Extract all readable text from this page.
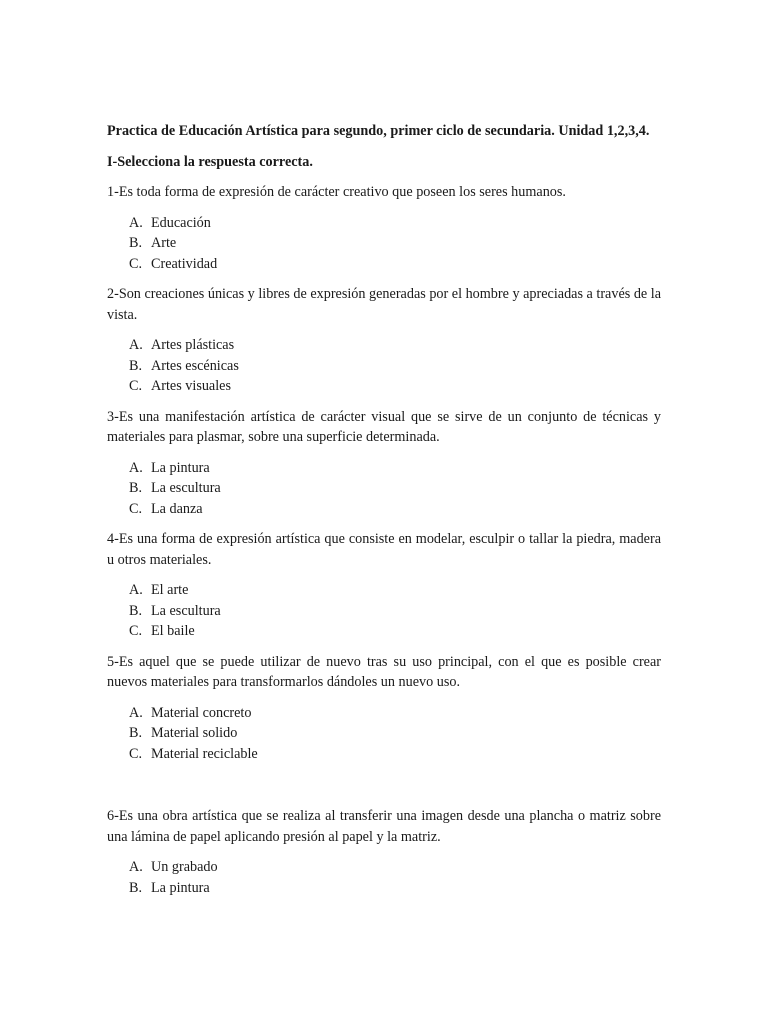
Practica de Educación Artística para segundo, primer ciclo de secundaria. Unidad 1,2,3,4.

I-Selecciona la respuesta correcta.

1-Es toda forma de expresión de carácter creativo que poseen los seres humanos.

A. Educación
B. Arte
C. Creatividad

2-Son creaciones únicas y libres de expresión generadas por el hombre y apreciadas a través de la vista.

A. Artes plásticas
B. Artes escénicas
C. Artes visuales

3-Es una manifestación artística de carácter visual que se sirve de un conjunto de técnicas y materiales para plasmar, sobre una superficie determinada.

A. La pintura
B. La escultura
C. La danza

4-Es una forma de expresión artística que consiste en modelar, esculpir o tallar la piedra, madera u otros materiales.

A. El arte
B. La escultura
C. El baile

5-Es aquel que se puede utilizar de nuevo tras su uso principal, con el que es posible crear nuevos materiales para transformarlos dándoles un nuevo uso.

A. Material concreto
B. Material solido
C. Material reciclable

6-Es una obra artística que se realiza al transferir una imagen desde una plancha o matriz sobre una lámina de papel aplicando presión al papel y la matriz.

A. Un grabado
B. La pintura
